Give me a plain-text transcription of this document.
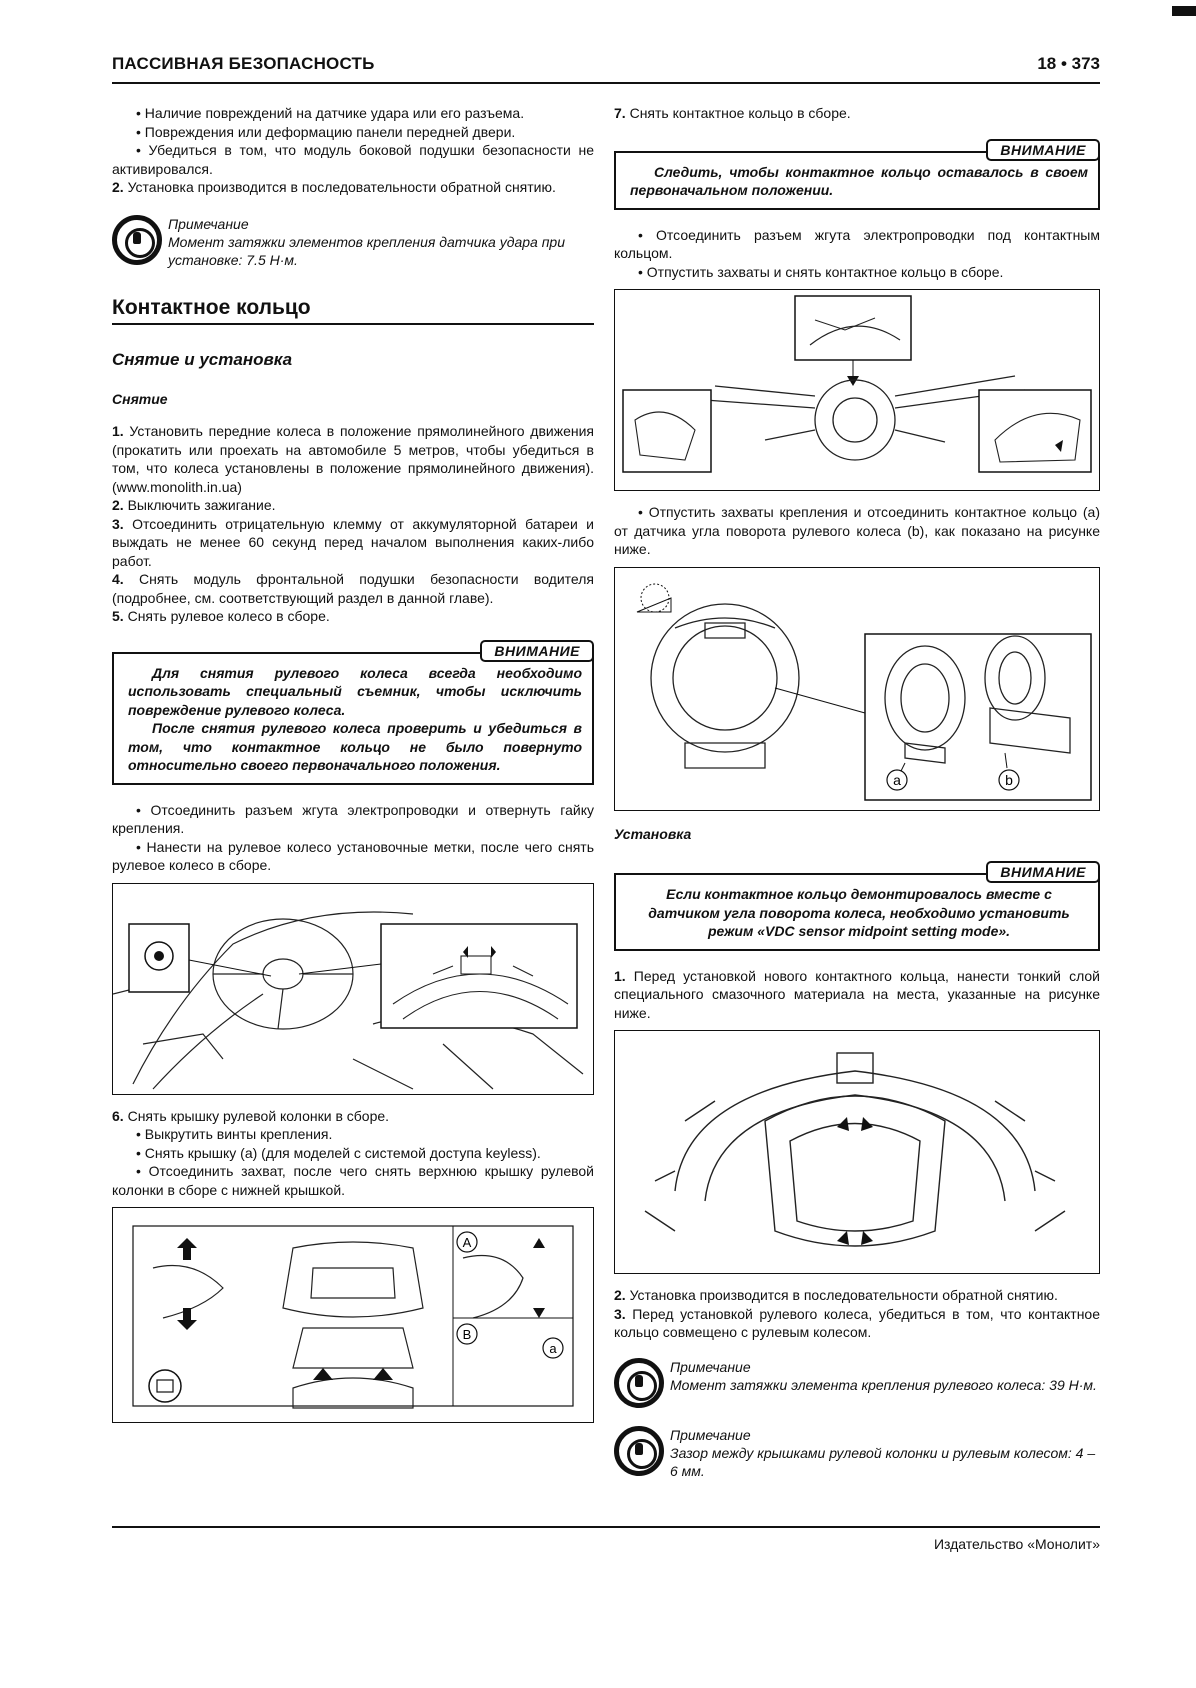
ПАССИВНАЯ БЕЗОПАСНОСТЬ	18 • 373

• Наличие повреждений на датчике удара или его разъема.

• Повреждения или деформацию панели передней двери.

• Убедиться в том, что модуль боковой подушки безопасности не активировался.

2. Установка производится в последовательности обратной снятию.

Примечание
Момент затяжки элементов крепления датчика удара при установке: 7.5 Н·м.
Контактное кольцо
Снятие и установка
Снятие

1. Установить передние колеса в положение прямолинейного движения (прокатить или проехать на автомобиле 5 метров, чтобы убедиться в том, что колеса установлены в положение прямолинейного движения). (www.monolith.in.ua)

2. Выключить зажигание.

3. Отсоединить отрицательную клемму от аккумуляторной батареи и выждать не менее 60 секунд перед началом выполнения каких-либо работ.

4. Снять модуль фронтальной подушки безопасности водителя (подробнее, см. соответствующий раздел в данной главе).

5. Снять рулевое колесо в сборе.

ВНИМАНИЕ

Для снятия рулевого колеса всегда необходимо использовать специальный съемник, чтобы исключить повреждение рулевого колеса.

После снятия рулевого колеса проверить и убедиться в том, что контактное кольцо не было повернуто относительно своего первоначального положения.

• Отсоединить разъем жгута электропроводки и отвернуть гайку крепления.

• Нанести на рулевое колесо установочные метки, после чего снять рулевое колесо в сборе.

6. Снять крышку рулевой колонки в сборе.

• Выкрутить винты крепления.

• Снять крышку (а) (для моделей с системой доступа keyless).

• Отсоединить захват, после чего снять верхнюю крышку рулевой колонки в сборе с нижней крышкой.

A
B
a

7. Снять контактное кольцо в сборе.

ВНИМАНИЕ

Следить, чтобы контактное кольцо оставалось в своем первоначальном положении.

• Отсоединить разъем жгута электропроводки под контактным кольцом.

• Отпустить захваты и снять контактное кольцо в сборе.

• Отпустить захваты крепления и отсоединить контактное кольцо (а) от датчика угла поворота рулевого колеса (b), как показано на рисунке ниже.

a	b
Установка
ВНИМАНИЕ

Если контактное кольцо демонтировалось вместе с датчиком угла поворота колеса, необходимо установить режим «VDC sensor midpoint setting mode».

1. Перед установкой нового контактного кольца, нанести тонкий слой специального смазочного материала на места, указанные на рисунке ниже.

2. Установка производится в последовательности обратной снятию.

3. Перед установкой рулевого колеса, убедиться в том, что контактное кольцо совмещено с рулевым колесом.

Примечание
Момент затяжки элемента крепления рулевого колеса: 39 Н·м.
Примечание
Зазор между крышками рулевой колонки и рулевым колесом: 4 – 6 мм.
Издательство «Монолит»
